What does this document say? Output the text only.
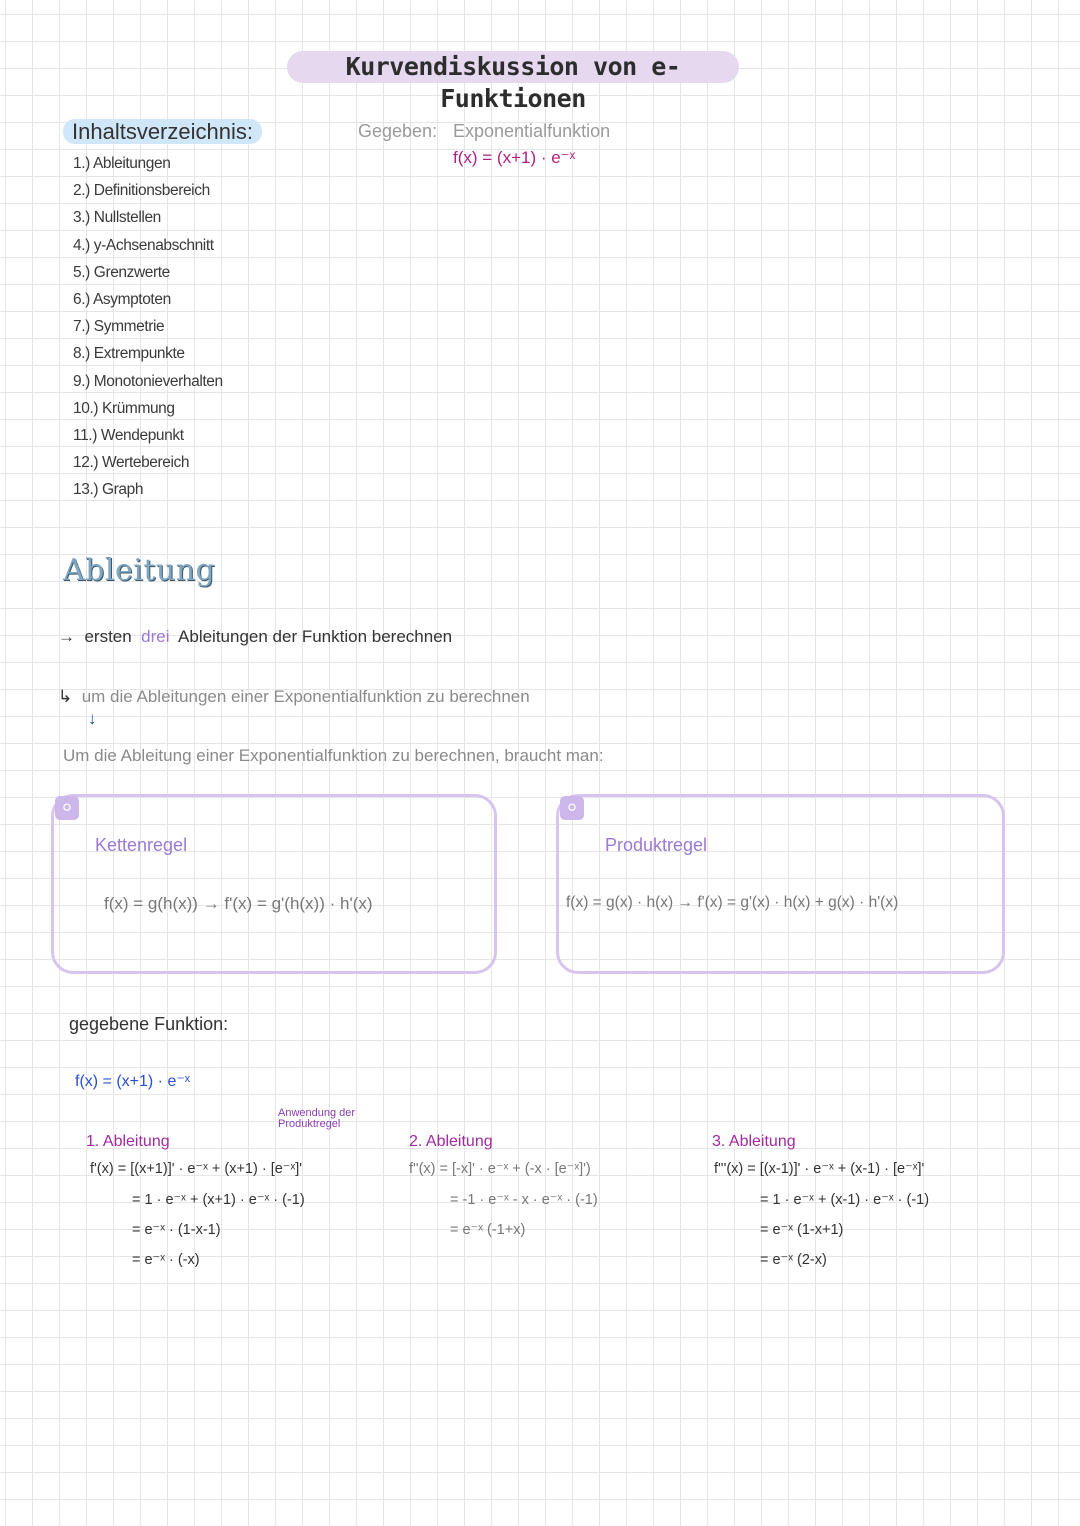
Kurvendiskussion von e-Funktionen
Inhaltsverzeichnis:
1.) Ableitungen
2.) Definitionsbereich
3.) Nullstellen
4.) y-Achsenabschnitt
5.) Grenzwerte
6.) Asymptoten
7.) Symmetrie
8.) Extrempunkte
9.) Monotonieverhalten
10.) Krümmung
11.) Wendepunkt
12.) Wertebereich
13.) Graph
Gegeben: Exponentialfunktion
f(x) = (x+1) · e⁻ˣ
Ableitung
→ ersten drei Ableitungen der Funktion berechnen
↳ um die Ableitungen einer Exponentialfunktion zu berechnen
↓
Um die Ableitung einer Exponentialfunktion zu berechnen, braucht man:
⚪
Kettenregel
f(x) = g(h(x)) → f'(x) = g'(h(x)) · h'(x)
⚪
Produktregel
f(x) = g(x) · h(x) → f'(x) = g'(x) · h(x) + g(x) · h'(x)
gegebene Funktion:
f(x) = (x+1) · e⁻ˣ
Anwendung der Produktregel
1. Ableitung
f'(x) = [(x+1)]' · e⁻ˣ + (x+1) · [e⁻ˣ]'
= 1 · e⁻ˣ + (x+1) · e⁻ˣ · (-1)
= e⁻ˣ · (1-x-1)
= e⁻ˣ · (-x)
2. Ableitung
f''(x) = [-x]' · e⁻ˣ + (-x · [e⁻ˣ]')
= -1 · e⁻ˣ - x · e⁻ˣ · (-1)
= e⁻ˣ (-1+x)
3. Ableitung
f'''(x) = [(x-1)]' · e⁻ˣ + (x-1) · [e⁻ˣ]'
= 1 · e⁻ˣ + (x-1) · e⁻ˣ · (-1)
= e⁻ˣ (1-x+1)
= e⁻ˣ (2-x)
